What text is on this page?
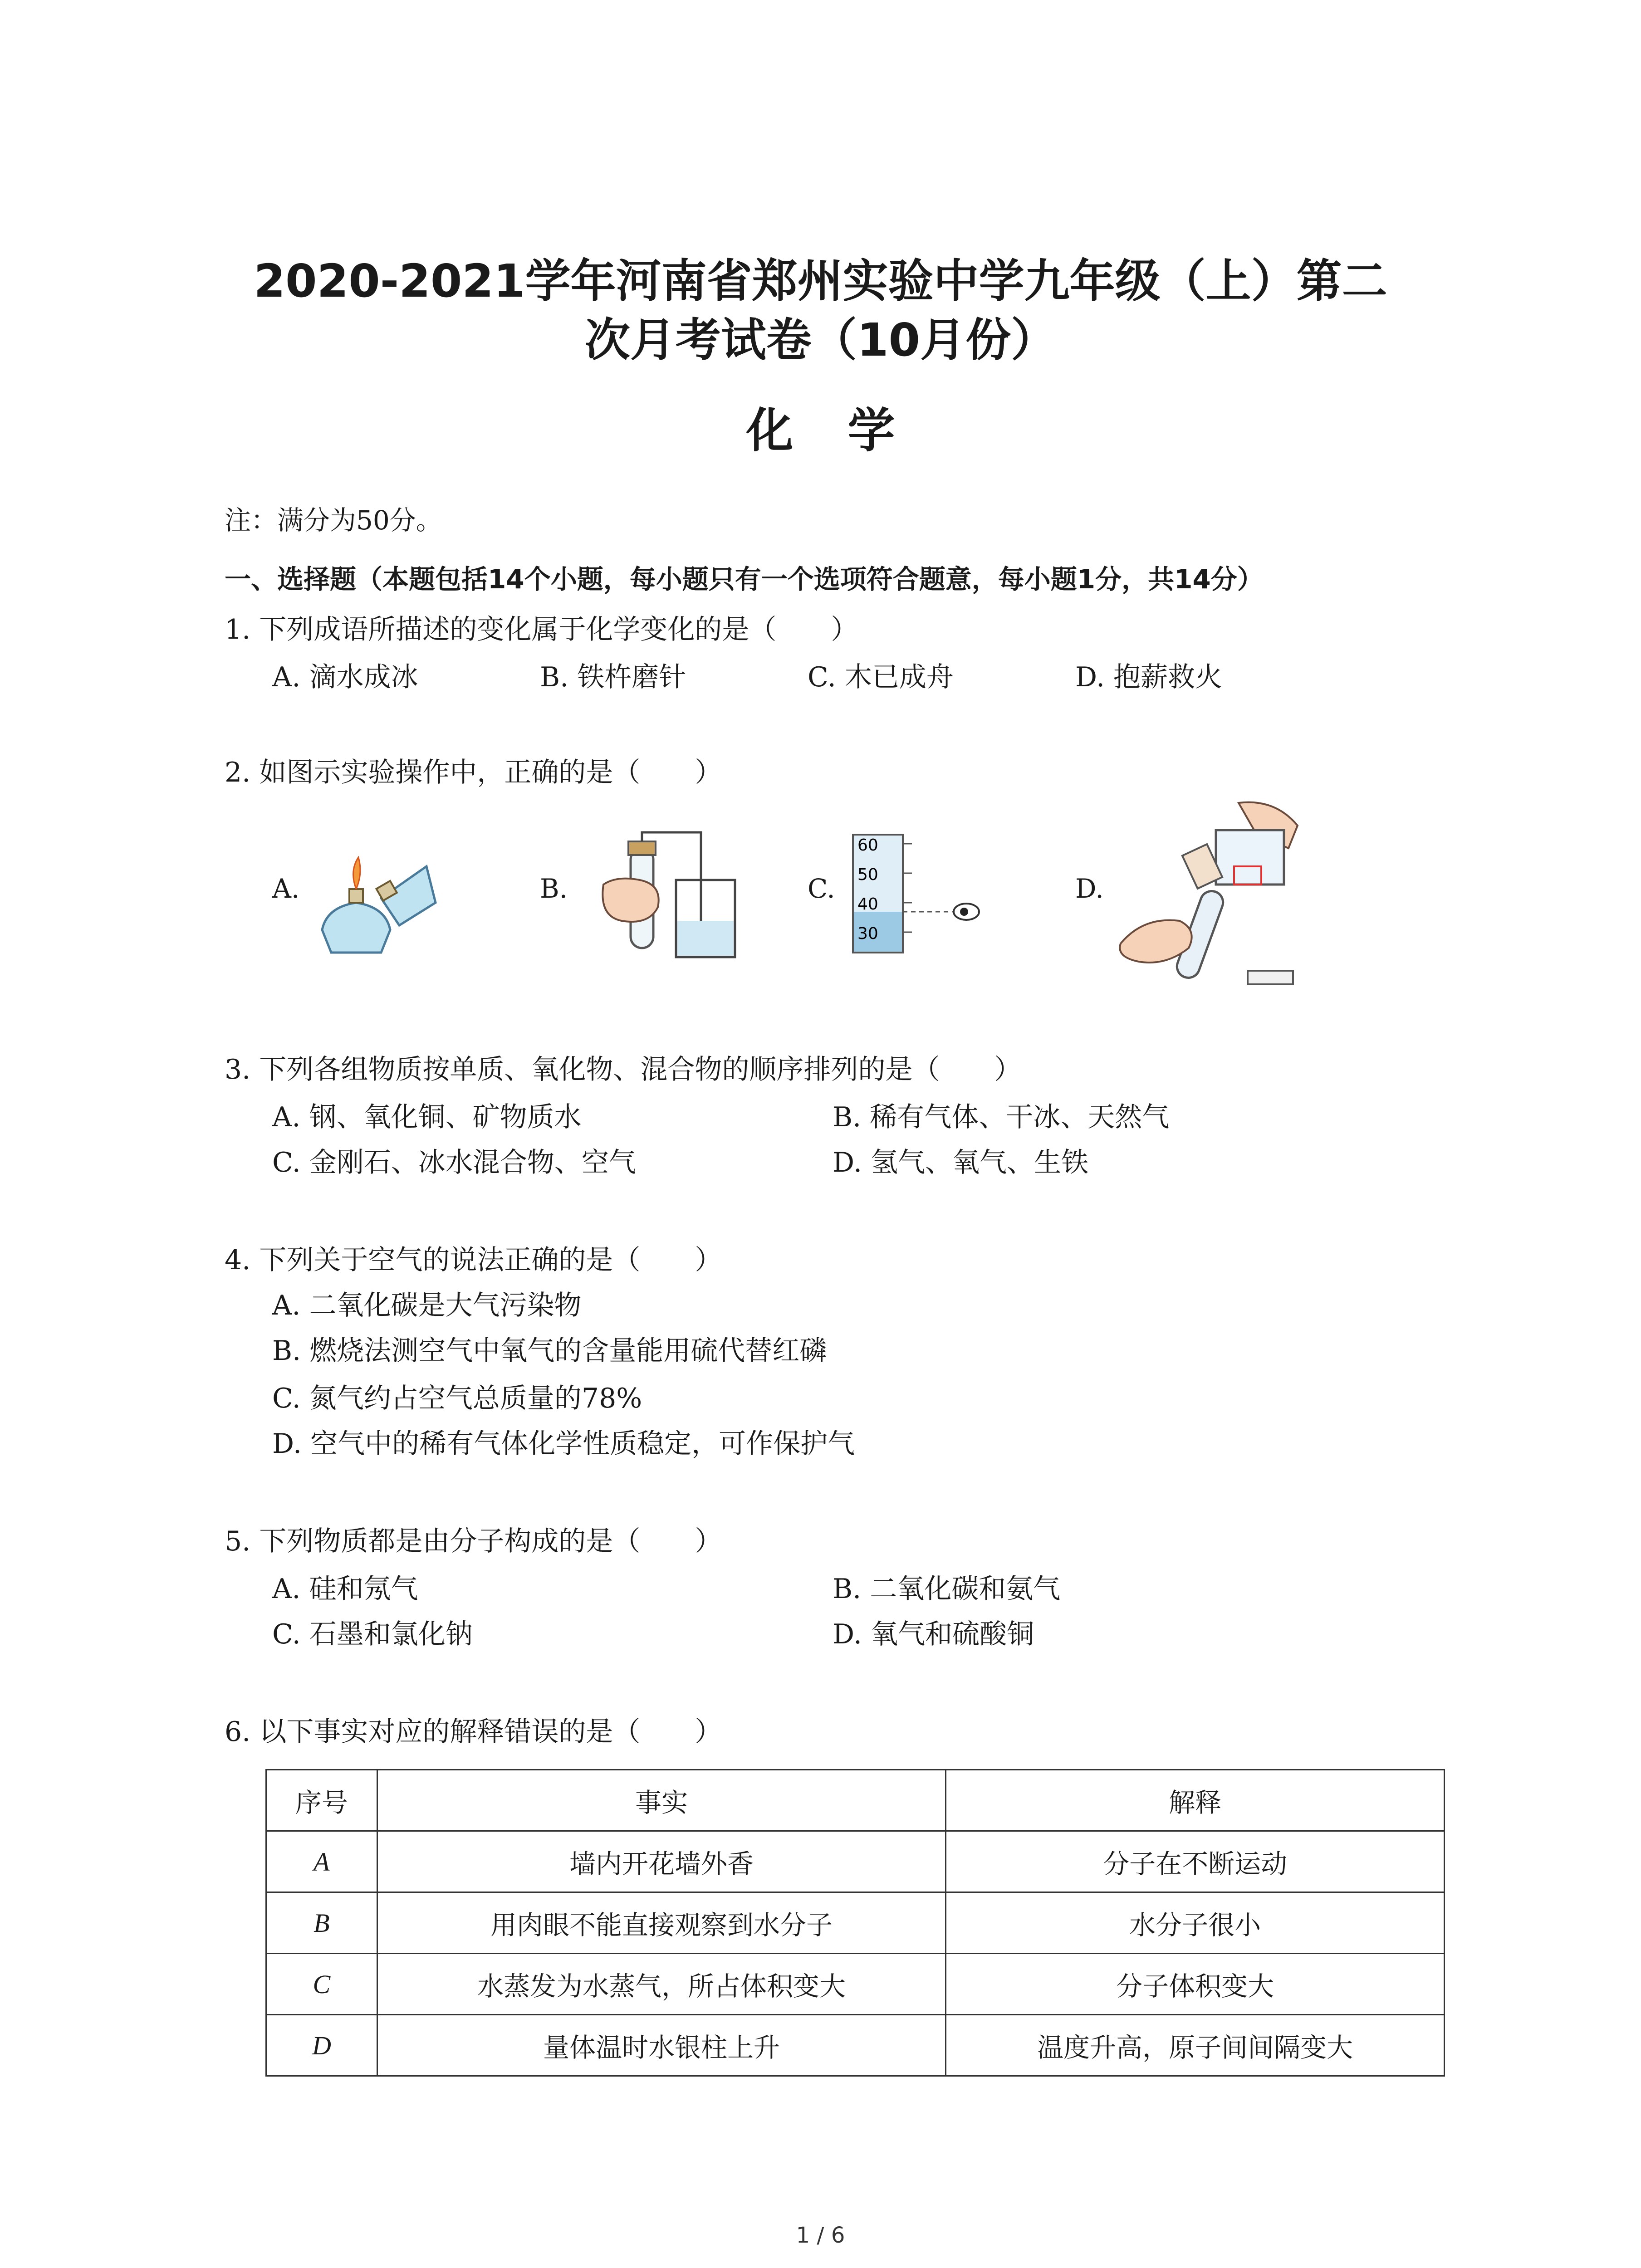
2020-2021学年河南省郑州实验中学九年级（上）第二
次月考试卷（10月份）
化学
注：满分为50分。
一、选择题（本题包括14个小题，每小题只有一个选项符合题意，每小题1分，共14分）
1. 下列成语所描述的变化属于化学变化的是（　　）
A. 滴水成冰	B. 铁杵磨针	C. 木已成舟	D. 抱薪救火
2. 如图示实验操作中，正确的是（　　）
A.	B.	C.	D.
60
50
40
30
3. 下列各组物质按单质、氧化物、混合物的顺序排列的是（　　）
A. 钢、氧化铜、矿物质水	B. 稀有气体、干冰、天然气
C. 金刚石、冰水混合物、空气	D. 氢气、氧气、生铁
4. 下列关于空气的说法正确的是（　　）
A. 二氧化碳是大气污染物
B. 燃烧法测空气中氧气的含量能用硫代替红磷
C. 氮气约占空气总质量的78%
D. 空气中的稀有气体化学性质稳定，可作保护气
5. 下列物质都是由分子构成的是（　　）
A. 硅和氖气	B. 二氧化碳和氨气
C. 石墨和氯化钠	D. 氧气和硫酸铜
6. 以下事实对应的解释错误的是（　　）
序号	事实	解释
A	墙内开花墙外香	分子在不断运动
B	用肉眼不能直接观察到水分子	水分子很小
C	水蒸发为水蒸气，所占体积变大	分子体积变大
D	量体温时水银柱上升	温度升高，原子间间隔变大
1 / 6
